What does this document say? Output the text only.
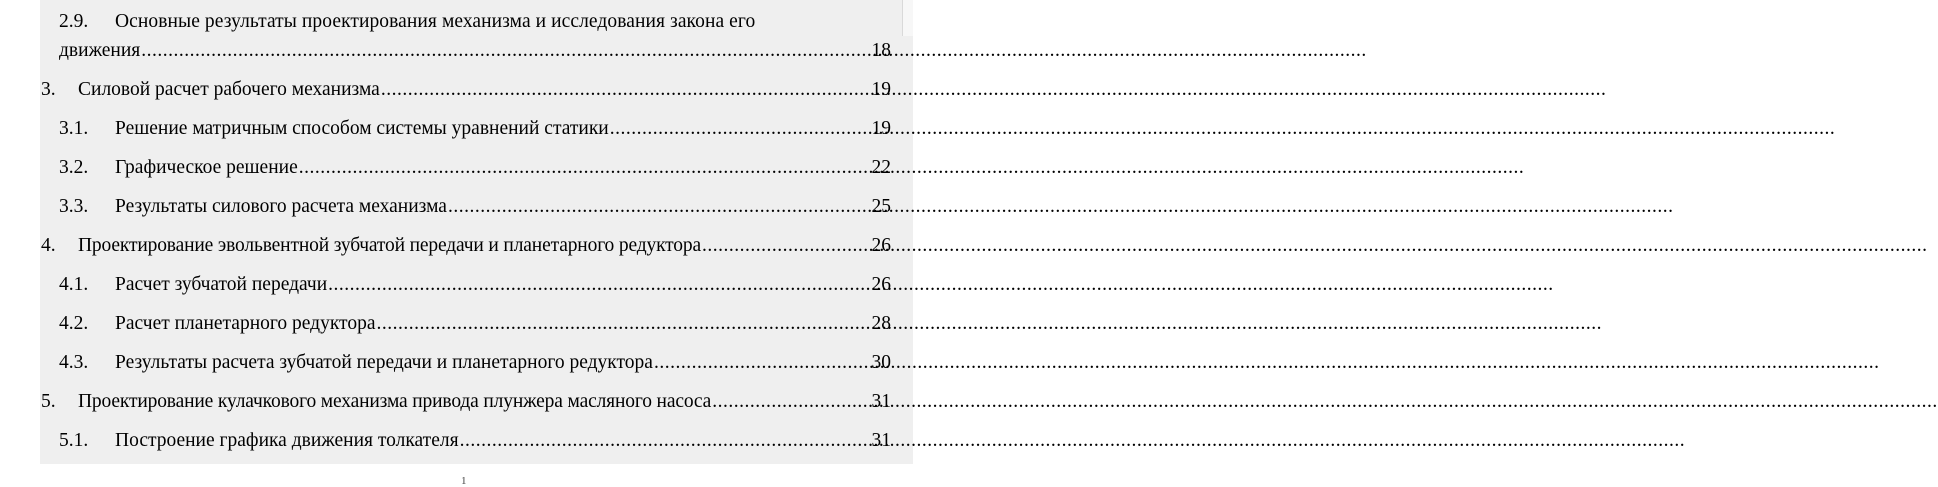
2.9.	Основные результаты проектирования механизма и исследования закона его
движения .....	18
3.	Силовой расчет рабочего механизма .....	19
3.1.	Решение матричным способом системы уравнений статики .....	19
3.2.	Графическое решение .....	22
3.3.	Результаты силового расчета механизма .....	25
4.	Проектирование эвольвентной зубчатой передачи и планетарного редуктора .....	26
4.1.	Расчет зубчатой передачи .....	26
4.2.	Расчет планетарного редуктора .....	28
4.3.	Результаты расчета зубчатой передачи и планетарного редуктора .....	30
5.	Проектирование кулачкового механизма привода плунжера масляного насоса .....	31
5.1.	Построение графика движения толкателя .....	31
1
